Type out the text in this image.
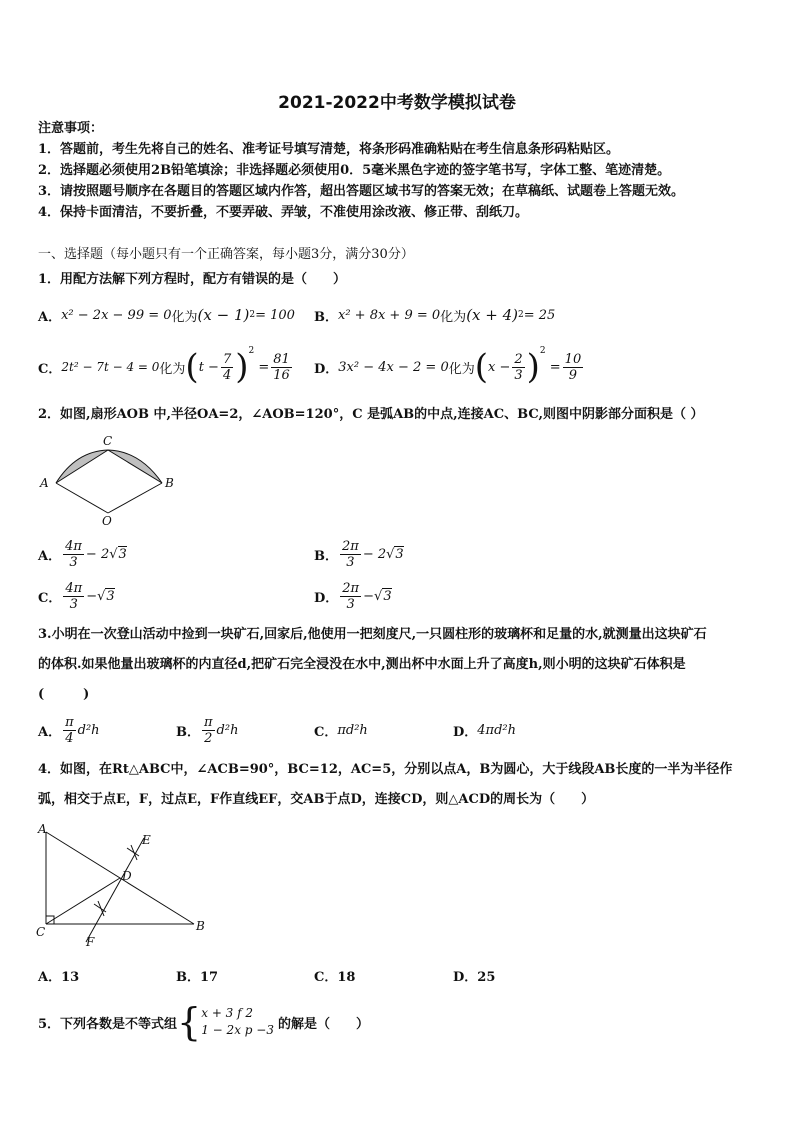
2021-2022中考数学模拟试卷
注意事项：
1．答题前，考生先将自己的姓名、准考证号填写清楚，将条形码准确粘贴在考生信息条形码粘贴区。
2．选择题必须使用2B铅笔填涂；非选择题必须使用0．5毫米黑色字迹的签字笔书写，字体工整、笔迹清楚。
3．请按照题号顺序在各题目的答题区域内作答，超出答题区域书写的答案无效；在草稿纸、试题卷上答题无效。
4．保持卡面清洁，不要折叠，不要弄破、弄皱，不准使用涂改液、修正带、刮纸刀。
一、选择题（每小题只有一个正确答案，每小题3分，满分30分）
1．用配方法解下列方程时，配方有错误的是（　　）
A． x² − 2x − 99 = 0 化为 (x − 1) 2 = 100 B． x² + 8x + 9 = 0 化为 (x + 4) 2 = 25
C． 2t² − 7t − 4 = 0 化为 ( $t - \frac{7}{4}$ ) 2
= $\frac{81}{16}$ D． 3x² − 4x − 2 = 0 化为 ( $x - \frac{2}{3}$ ) 2
= $\frac{10}{9}$
2．如图,扇形AOB 中,半径OA=2，∠AOB=120°，C 是弧AB的中点,连接AC、BC,则图中阴影部分面积是（ ）
C
A	B
O
A． $\frac{4\pi}{3} - 2$ √ 3	B． $\frac{2\pi}{3} - 2$ √ 3
C． $\frac{4\pi}{3}$ − √ 3	D． $\frac{2\pi}{3}$ − √ 3
3.小明在一次登山活动中捡到一块矿石,回家后,他使用一把刻度尺,一只圆柱形的玻璃杯和足量的水,就测量出这块矿石
的体积.如果他量出玻璃杯的内直径d,把矿石完全浸没在水中,测出杯中水面上升了高度h,则小明的这块矿石体积是
(　　　)
A． $\frac{\pi}{4} d^2h$	B． $\frac{\pi}{2} d^2h$	C． πd²h	D． 4πd²h
4．如图，在Rt△ABC中，∠ACB=90°，BC=12，AC=5，分别以点A，B为圆心，大于线段AB长度的一半为半径作
弧，相交于点E，F，过点E，F作直线EF，交AB于点D，连接CD，则△ACD的周长为（　　）
A
E
D
C	B
F
A．13	B．17	C．18	D．25
5．下列各数是不等式组 { x + 3 f 2
1 − 2x p −3 的解是（　　）
